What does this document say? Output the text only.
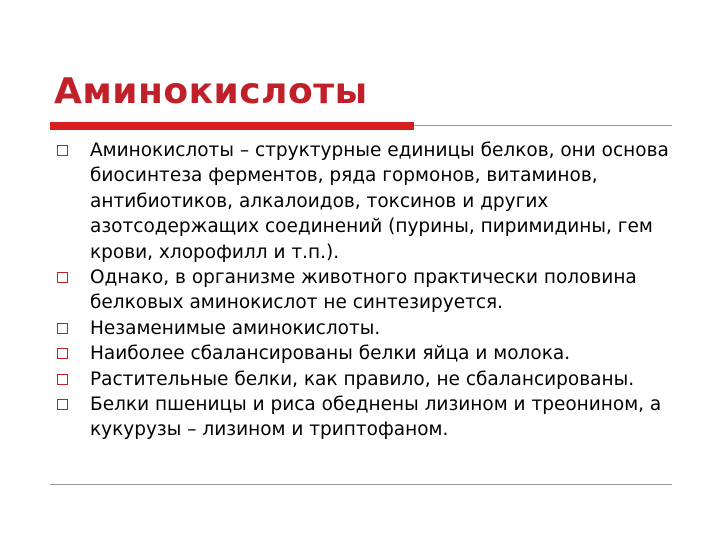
Аминокислоты
Аминокислоты – структурные единицы белков, они основа биосинтеза ферментов, ряда гормонов, витаминов, антибиотиков, алкалоидов, токсинов и других азотсодержащих соединений (пурины, пиримидины, гем крови, хлорофилл и т.п.).
Однако, в организме животного практически половина белковых аминокислот не синтезируется.
Незаменимые аминокислоты.
Наиболее сбалансированы белки яйца и молока.
Растительные белки, как правило, не сбалансированы.
Белки пшеницы и риса обеднены лизином и треонином, а кукурузы – лизином и триптофаном.
